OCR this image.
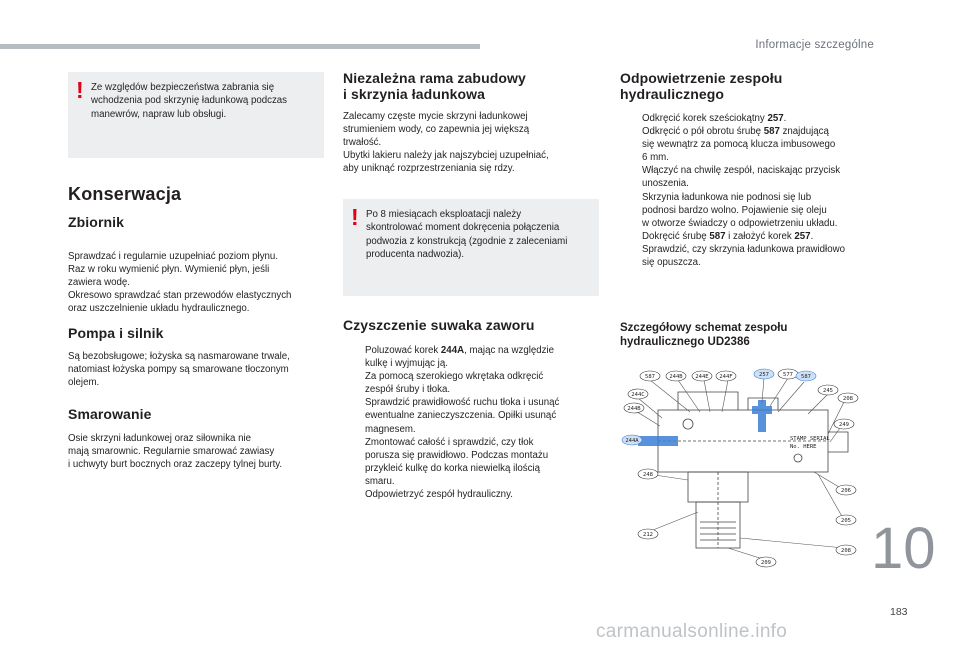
Informacje szczególne
! Ze względów bezpieczeństwa zabrania się
wchodzenia pod skrzynię ładunkową podczas
manewrów, napraw lub obsługi.
Konserwacja
Zbiornik
Sprawdzać i regularnie uzupełniać poziom płynu.
Raz w roku wymienić płyn. Wymienić płyn, jeśli
zawiera wodę.
Okresowo sprawdzać stan przewodów elastycznych
oraz uszczelnienie układu hydraulicznego.
Pompa i silnik
Są bezobsługowe; łożyska są nasmarowane trwale,
natomiast łożyska pompy są smarowane tłoczonym
olejem.
Smarowanie
Osie skrzyni ładunkowej oraz siłownika nie
mają smarownic. Regularnie smarować zawiasy
i uchwyty burt bocznych oraz zaczepy tylnej burty.
Niezależna rama zabudowy
i skrzynia ładunkowa
Zalecamy częste mycie skrzyni ładunkowej
strumieniem wody, co zapewnia jej większą
trwałość.
Ubytki lakieru należy jak najszybciej uzupełniać,
aby uniknąć rozprzestrzeniania się rdzy.
! Po 8 miesiącach eksploatacji należy
skontrolować moment dokręcenia połączenia
podwozia z konstrukcją (zgodnie z zaleceniami
producenta nadwozia).
Czyszczenie suwaka zaworu
Poluzować korek 244A, mając na względzie
kulkę i wyjmując ją.
Za pomocą szerokiego wkrętaka odkręcić
zespół śruby i tłoka.
Sprawdzić prawidłowość ruchu tłoka i usunąć
ewentualne zanieczyszczenia. Opiłki usunąć
magnesem.
Zmontować całość i sprawdzić, czy tłok
porusza się prawidłowo. Podczas montażu
przykleić kulkę do korka niewielką ilością
smaru.
Odpowietrzyć zespół hydrauliczny.
Odpowietrzenie zespołu
hydraulicznego
Odkręcić korek sześciokątny 257.
Odkręcić o pół obrotu śrubę 587 znajdującą
się wewnątrz za pomocą klucza imbusowego
6 mm.
Włączyć na chwilę zespół, naciskając przycisk
unoszenia.
Skrzynia ładunkowa nie podnosi się lub
podnosi bardzo wolno. Pojawienie się oleju
w otworze świadczy o odpowietrzeniu układu.
Dokręcić śrubę 587 i założyć korek 257.
Sprawdzić, czy skrzynia ładunkowa prawidłowo
się opuszcza.
Szczegółowy schemat zespołu
hydraulicznego UD2386
587	244B 244E 244F	257	577 587
244C
245
208
244B
249
244A
248
206
205
212
208
209
STAMP SERIAL
No. HERE
10
183
carmanualsonline.info
